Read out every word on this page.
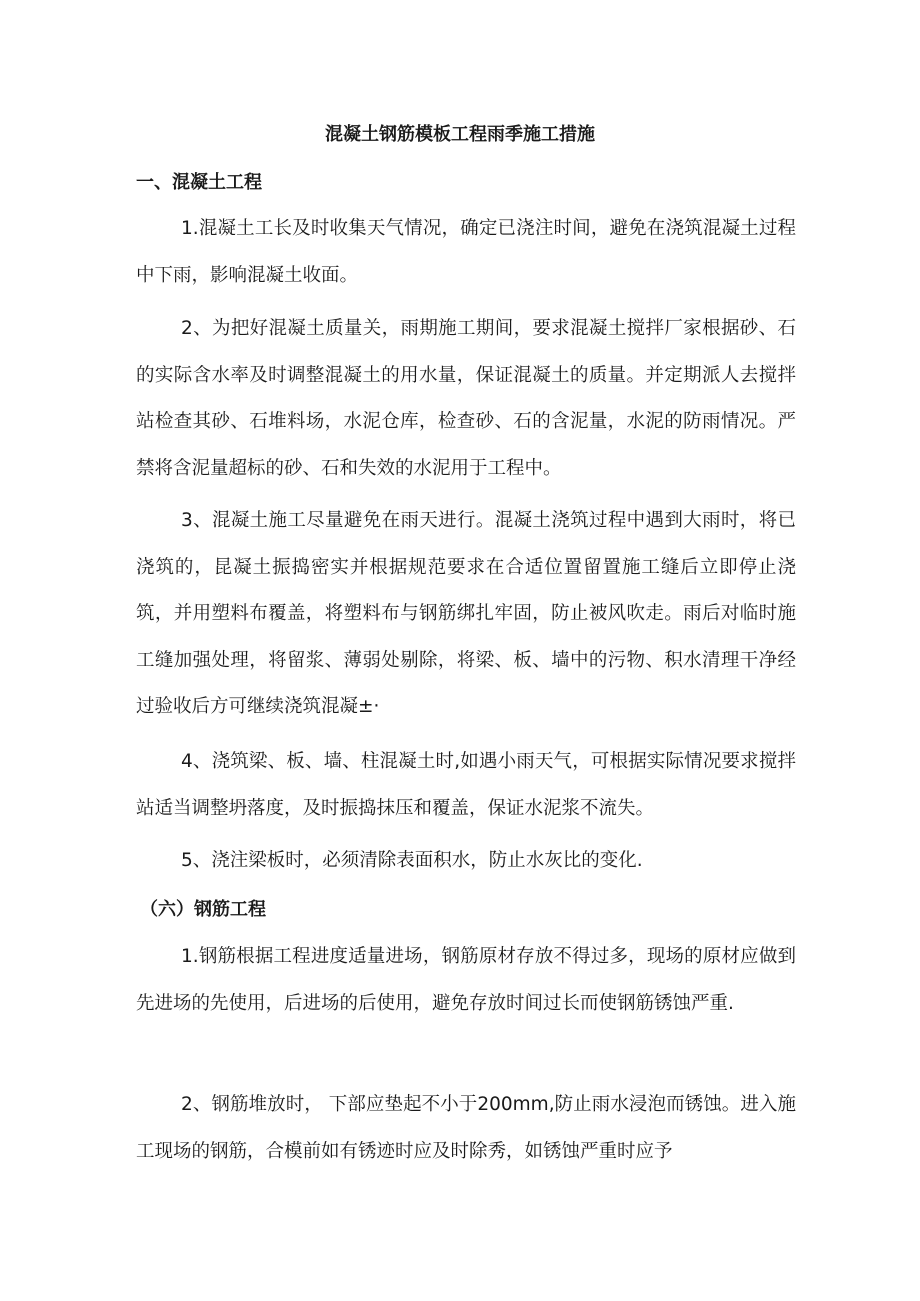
混凝土钢筋模板工程雨季施工措施
一、混凝土工程

1.混凝土工长及时收集天气情况，确定已浇注时间，避免在浇筑混凝土过程中下雨，影响混凝土收面。

2、为把好混凝土质量关，雨期施工期间，要求混凝土搅拌厂家根据砂、石的实际含水率及时调整混凝土的用水量，保证混凝土的质量。并定期派人去搅拌站检查其砂、石堆料场，水泥仓库，检查砂、石的含泥量，水泥的防雨情况。严禁将含泥量超标的砂、石和失效的水泥用于工程中。

3、混凝土施工尽量避免在雨天进行。混凝土浇筑过程中遇到大雨时，将已浇筑的，昆凝土振捣密实并根据规范要求在合适位置留置施工缝后立即停止浇筑，并用塑料布覆盖，将塑料布与钢筋绑扎牢固，防止被风吹走。雨后对临时施工缝加强处理，将留浆、薄弱处剔除，将梁、板、墙中的污物、积水清理干净经过验收后方可继续浇筑混凝±·

4、浇筑梁、板、墙、柱混凝土时,如遇小雨天气，可根据实际情况要求搅拌站适当调整坍落度，及时振捣抹压和覆盖，保证水泥浆不流失。

5、浇注梁板时，必须清除表面积水，防止水灰比的变化.

（六）钢筋工程

1.钢筋根据工程进度适量进场，钢筋原材存放不得过多，现场的原材应做到先进场的先使用，后进场的后使用，避免存放时间过长而使钢筋锈蚀严重.

2、钢筋堆放时， 下部应垫起不小于200mm,防止雨水浸泡而锈蚀。进入施工现场的钢筋，合模前如有锈迹时应及时除秀，如锈蚀严重时应予
